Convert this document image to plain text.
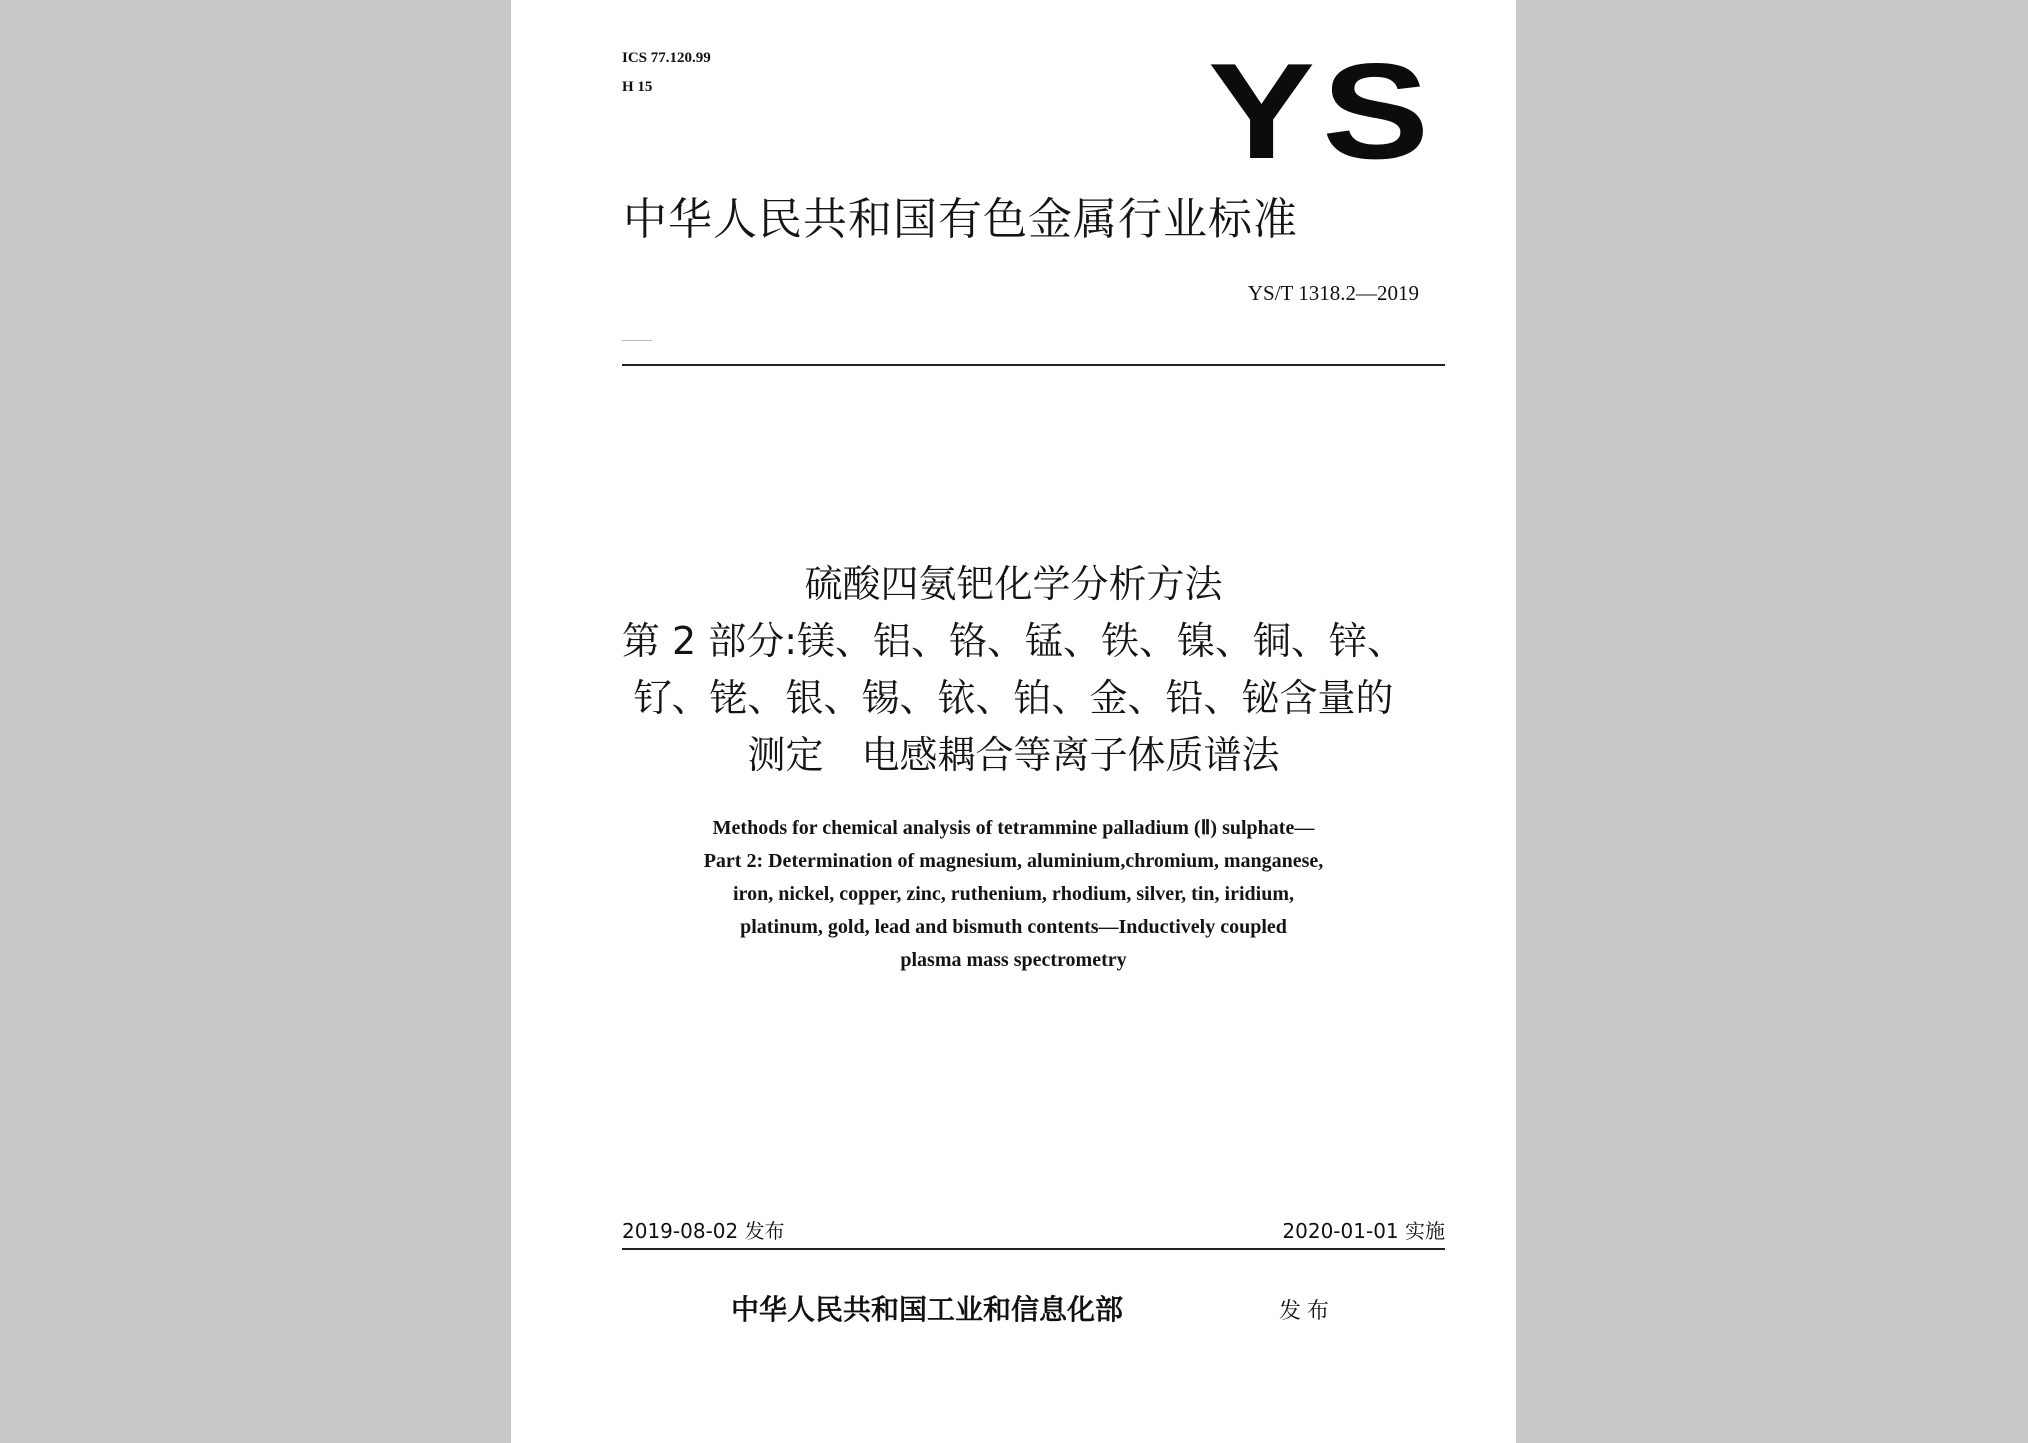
ICS 77.120.99
H 15	YS
中华人民共和国有色金属行业标准
YS/T 1318.2—2019
硫酸四氨钯化学分析方法
第 2 部分:镁、铝、铬、锰、铁、镍、铜、锌、
钌、铑、银、锡、铱、铂、金、铅、铋含量的
测定　电感耦合等离子体质谱法
Methods for chemical analysis of tetrammine palladium (Ⅱ) sulphate—
Part 2: Determination of magnesium, aluminium,chromium, manganese,
iron, nickel, copper, zinc, ruthenium, rhodium, silver, tin, iridium,
platinum, gold, lead and bismuth contents—Inductively coupled
plasma mass spectrometry
2019-08-02 发布	2020-01-01 实施
中华人民共和国工业和信息化部	发布
